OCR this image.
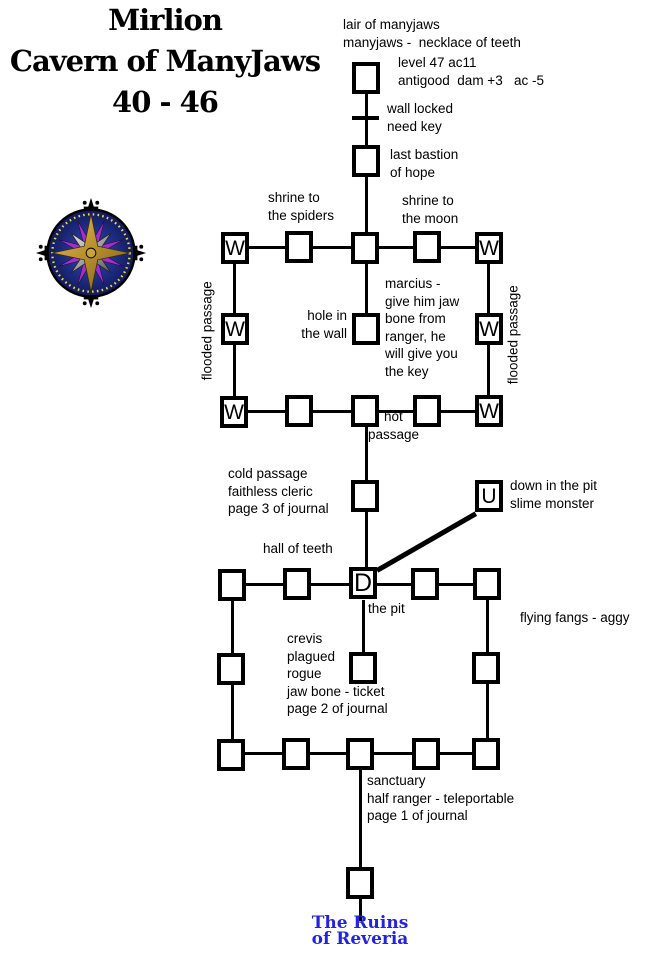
Mirlion
Cavern of ManyJaws
40 - 46
W	W
W	W
W	W
U
D
lair of manyjaws
manyjaws -  necklace of teeth
level 47 ac11
antigood  dam +3   ac -5
wall locked
need key
last bastion
of hope
shrine to
the spiders
shrine to
the moon
flooded passage	flooded passage
hole in
the wall
marcius -
give him jaw
bone from
ranger, he
will give you
the key
hot
passage
cold passage
faithless cleric
page 3 of journal
down in the pit
slime monster
hall of teeth
the pit
flying fangs - aggy
crevis
plagued
rogue
jaw bone - ticket
page 2 of journal
sanctuary
half ranger - teleportable
page 1 of journal
The Ruins
of Reveria
